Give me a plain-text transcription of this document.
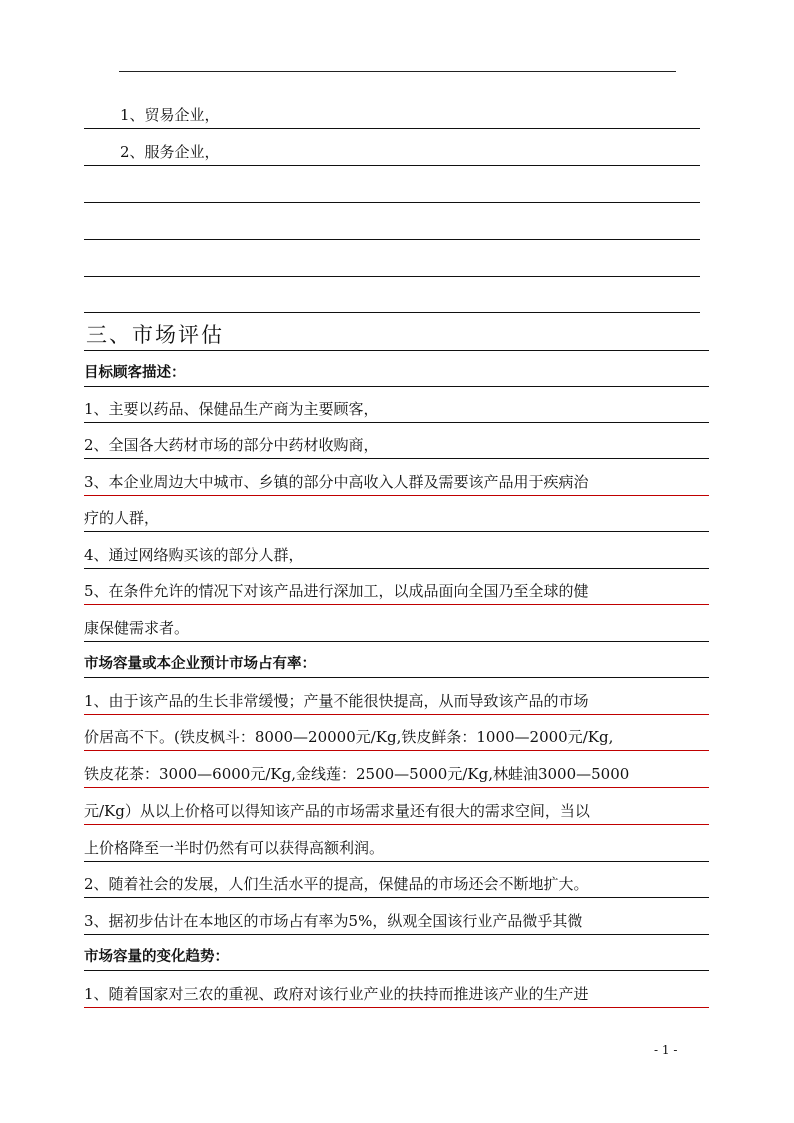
1、贸易企业，
2、服务企业，
三、市场评估
目标顾客描述：
1、主要以药品、保健品生产商为主要顾客，
2、全国各大药材市场的部分中药材收购商，
3、本企业周边大中城市、乡镇的部分中高收入人群及需要该产品用于疾病治
疗的人群，
4、通过网络购买该的部分人群，
5、在条件允许的情况下对该产品进行深加工，以成品面向全国乃至全球的健
康保健需求者。
市场容量或本企业预计市场占有率：
1、由于该产品的生长非常缓慢；产量不能很快提高，从而导致该产品的市场
价居高不下。(铁皮枫斗：8000—20000元/Kg,铁皮鲜条：1000—2000元/Kg,
铁皮花茶：3000—6000元/Kg,金线莲：2500—5000元/Kg,林蛙油3000—5000
元/Kg）从以上价格可以得知该产品的市场需求量还有很大的需求空间，当以
上价格降至一半时仍然有可以获得高额利润。
2、随着社会的发展，人们生活水平的提高，保健品的市场还会不断地扩大。
3、据初步估计在本地区的市场占有率为5%，纵观全国该行业产品微乎其微
市场容量的变化趋势：
1、随着国家对三农的重视、政府对该行业产业的扶持而推进该产业的生产进
- 1 -
